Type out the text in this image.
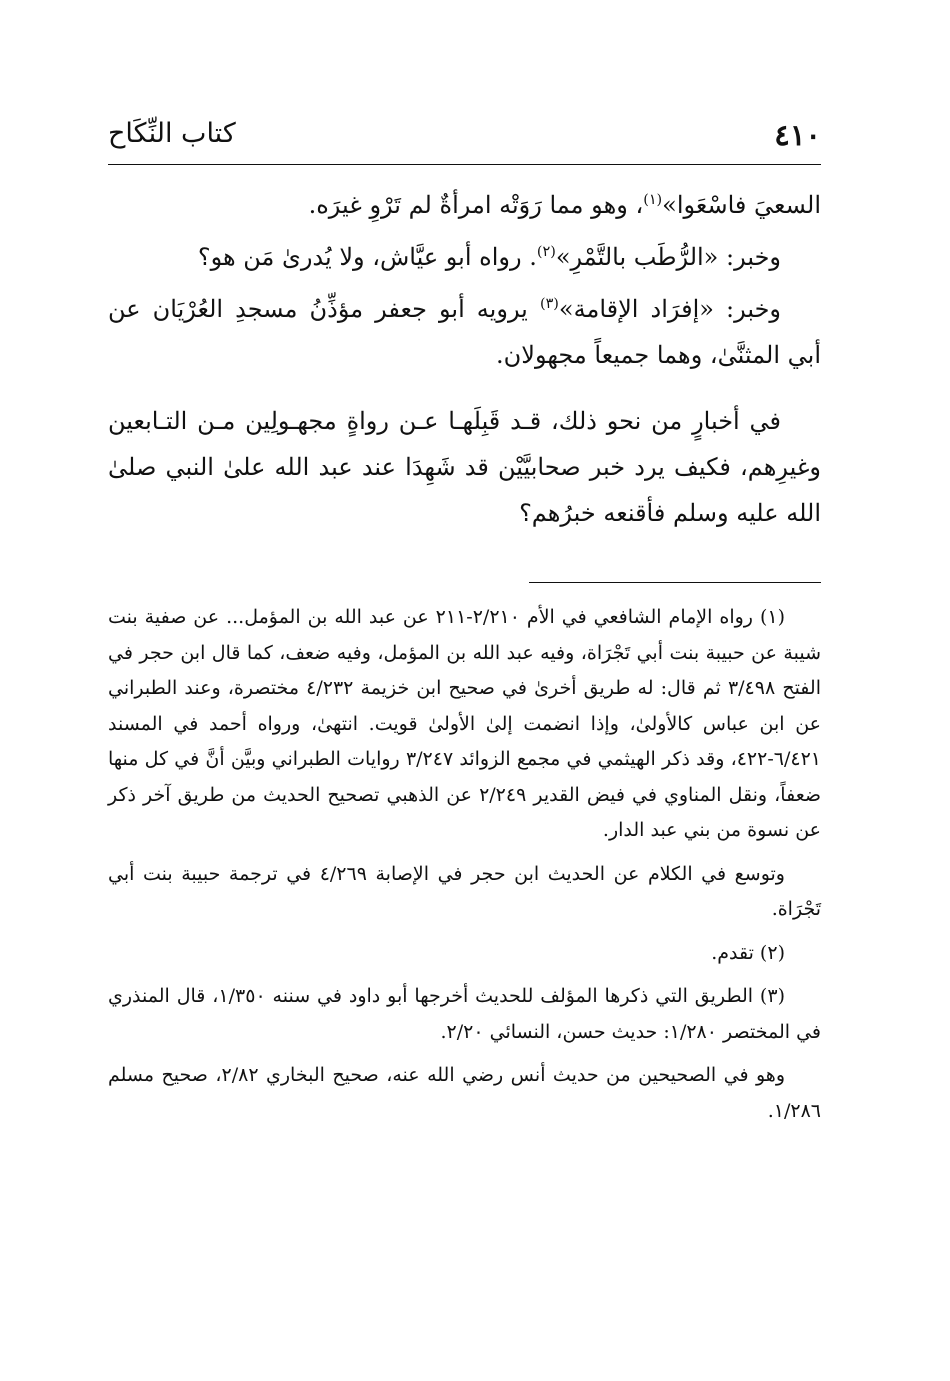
٤١٠
كتاب النِّكَاح

السعيَ فاسْعَوا»$^{(١)}$، وهو مما رَوَتْه امرأةٌ لم تَرْوِ غيرَه.

وخبر: «الرُّطَب بالتَّمْرِ»$^{(٢)}$. رواه أبو عيَّاش، ولا يُدرىٰ مَن هو؟

وخبر: «إفرَاد الإقامة»$^{(٣)}$ يرويه أبو جعفر مؤذِّنُ مسجدِ العُرْيَان عن أبي المثنَّىٰ، وهما جميعاً مجهولان.

في أخبارٍ من نحو ذلك، قـد قَبِلَهـا عـن رواةٍ مجهـولِين مـن التـابعين وغيرِهم، فكيف يرد خبر صحابيَّيْن قد شَهِدَا عند عبد الله علىٰ النبي صلىٰ الله عليه وسلم فأقنعه خبرُهم؟

(١) رواه الإمام الشافعي في الأم ٢/٢١٠-٢١١ عن عبد الله بن المؤمل... عن صفية بنت شيبة عن حبيبة بنت أبي تَجْرَاة، وفيه عبد الله بن المؤمل، وفيه ضعف، كما قال ابن حجر في الفتح ٣/٤٩٨ ثم قال: له طريق أخرىٰ في صحيح ابن خزيمة ٤/٢٣٢ مختصرة، وعند الطبراني عن ابن عباس كالأولىٰ، وإذا انضمت إلىٰ الأولىٰ قويت. انتهىٰ، ورواه أحمد في المسند ٦/٤٢١-٤٢٢، وقد ذكر الهيثمي في مجمع الزوائد ٣/٢٤٧ روايات الطبراني وبيَّن أنَّ في كل منها ضعفاً، ونقل المناوي في فيض القدير ٢/٢٤٩ عن الذهبي تصحيح الحديث من طريق آخر ذكر عن نسوة من بني عبد الدار.

وتوسع في الكلام عن الحديث ابن حجر في الإصابة ٤/٢٦٩ في ترجمة حبيبة بنت أبي تَجْرَاة.

(٢) تقدم.

(٣) الطريق التي ذكرها المؤلف للحديث أخرجها أبو داود في سننه ١/٣٥٠، قال المنذري في المختصر ١/٢٨٠: حديث حسن، النسائي ٢/٢٠.

وهو في الصحيحين من حديث أنس رضي الله عنه، صحيح البخاري ٢/٨٢، صحيح مسلم ١/٢٨٦.
